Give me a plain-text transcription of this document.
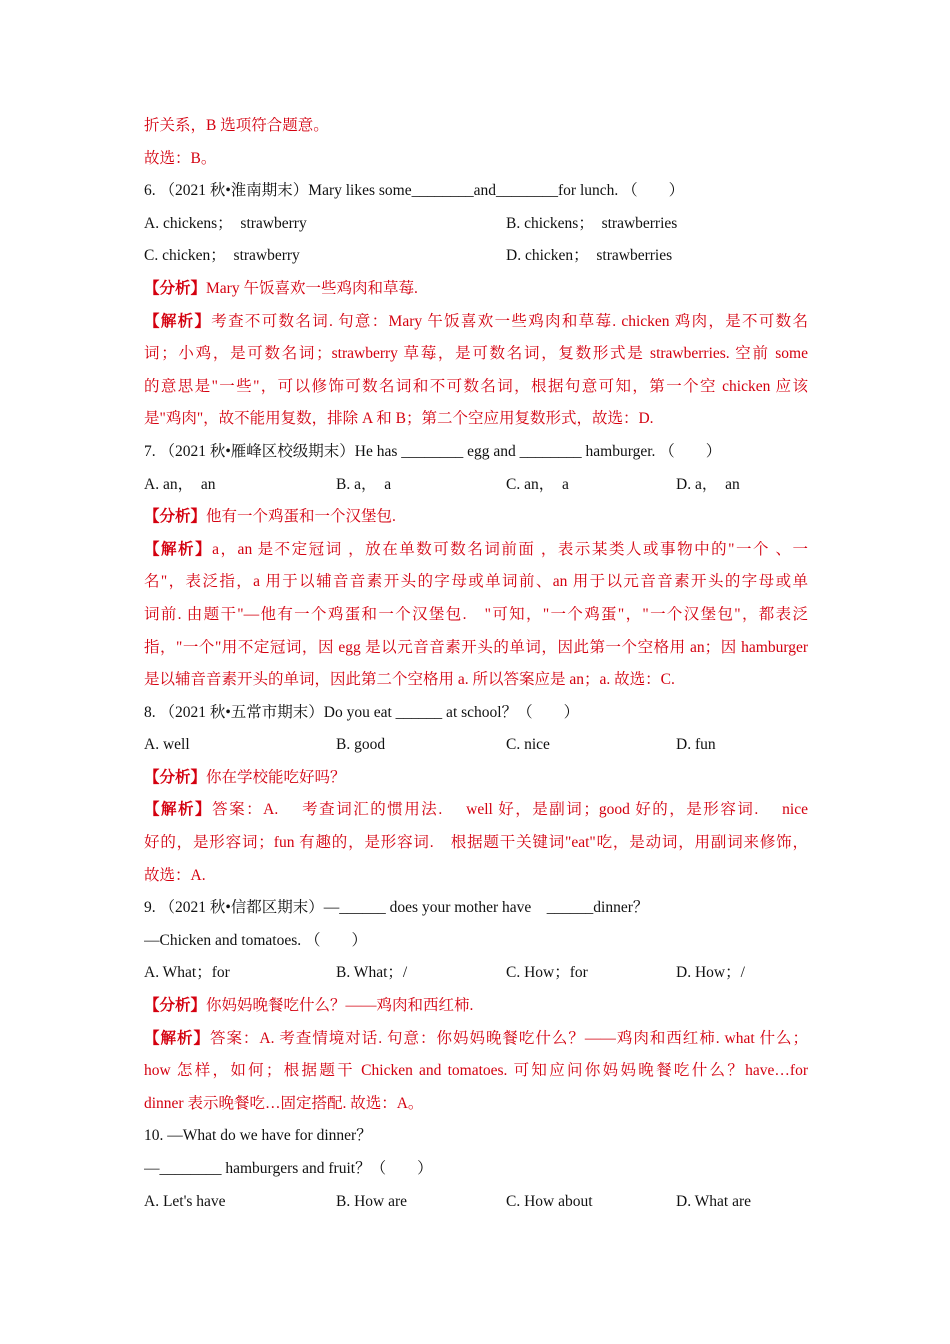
折关系，B 选项符合题意。
故选：B。
6. （2021 秋•淮南期末）Mary likes some________and________for lunch. （　　）
A. chickens；　strawberry	B. chickens；　strawberries
C. chicken；　strawberry	D. chicken；　strawberries
【分析】Mary 午饭喜欢一些鸡肉和草莓.
【解析】考查不可数名词. 句意：Mary 午饭喜欢一些鸡肉和草莓. chicken 鸡肉，是不可数名
词；小鸡，是可数名词；strawberry 草莓，是可数名词，复数形式是 strawberries. 空前 some
的意思是"一些"，可以修饰可数名词和不可数名词，根据句意可知，第一个空 chicken 应该
是"鸡肉"，故不能用复数，排除 A 和 B；第二个空应用复数形式，故选：D.
7. （2021 秋•雁峰区校级期末）He has ________ egg and ________ hamburger. （　　）
A. an，　an	B. a，　a	C. an，　a	D. a，　an
【分析】他有一个鸡蛋和一个汉堡包.
【解析】a，an 是不定冠词 ，放在单数可数名词前面 ，表示某类人或事物中的"一个 、一
名"，表泛指，a 用于以辅音音素开头的字母或单词前、an 用于以元音音素开头的字母或单
词前. 由题干"—他有一个鸡蛋和一个汉堡包.　"可知，"一个鸡蛋"，"一个汉堡包"，都表泛
指，"一个"用不定冠词，因 egg 是以元音音素开头的单词，因此第一个空格用 an；因 hamburger
是以辅音音素开头的单词，因此第二个空格用 a. 所以答案应是 an；a. 故选：C.
8. （2021 秋•五常市期末）Do you eat ______ at school？（　　）
A. well	B. good	C. nice	D. fun
【分析】你在学校能吃好吗？
【解析】答案：A.　 考查词汇的惯用法.　 well 好，是副词；good 好的，是形容词.　 nice
好的，是形容词；fun 有趣的，是形容词.　根据题干关键词"eat"吃，是动词，用副词来修饰，
故选：A.
9. （2021 秋•信都区期末）—______ does your mother have　______dinner？
—Chicken and tomatoes. （　　）
A. What；for	B. What；/	C. How；for	D. How；/
【分析】你妈妈晚餐吃什么？——鸡肉和西红柿.
【解析】答案：A. 考查情境对话. 句意：你妈妈晚餐吃什么？——鸡肉和西红柿. what 什么；
how 怎样，如何；根据题干 Chicken and tomatoes. 可知应问你妈妈晚餐吃什么？have…for
dinner 表示晚餐吃…固定搭配. 故选：A。
10. —What do we have for dinner？
—________ hamburgers and fruit？（　　）
A. Let's have	B. How are	C. How about	D. What are
